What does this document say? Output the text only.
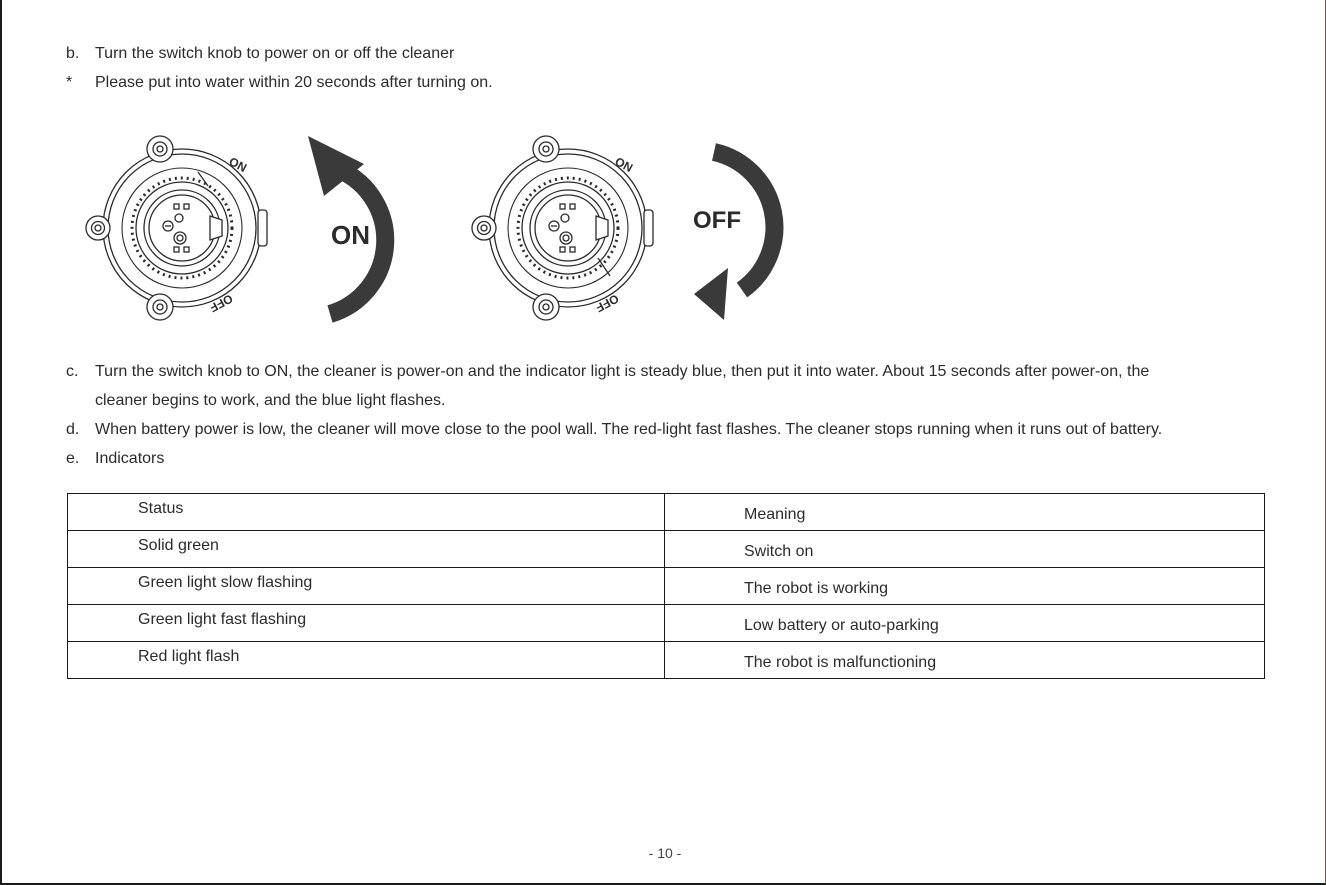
b. Turn the switch knob to power on or off the cleaner
* Please put into water within 20 seconds after turning on.
ON
OFF
ON
ON
OFF
OFF
c. Turn the switch knob to ON, the cleaner is power-on and the indicator light is steady blue, then put it into water. About 15 seconds after power-on, the
cleaner begins to work, and the blue light flashes.
d. When battery power is low, the cleaner will move close to the pool wall. The red-light fast flashes. The cleaner stops running when it runs out of battery.
e. Indicators
Status	Meaning
Solid green	Switch on
Green light slow flashing	The robot is working
Green light fast flashing	Low battery or auto-parking
Red light flash	The robot is malfunctioning
- 10 -
